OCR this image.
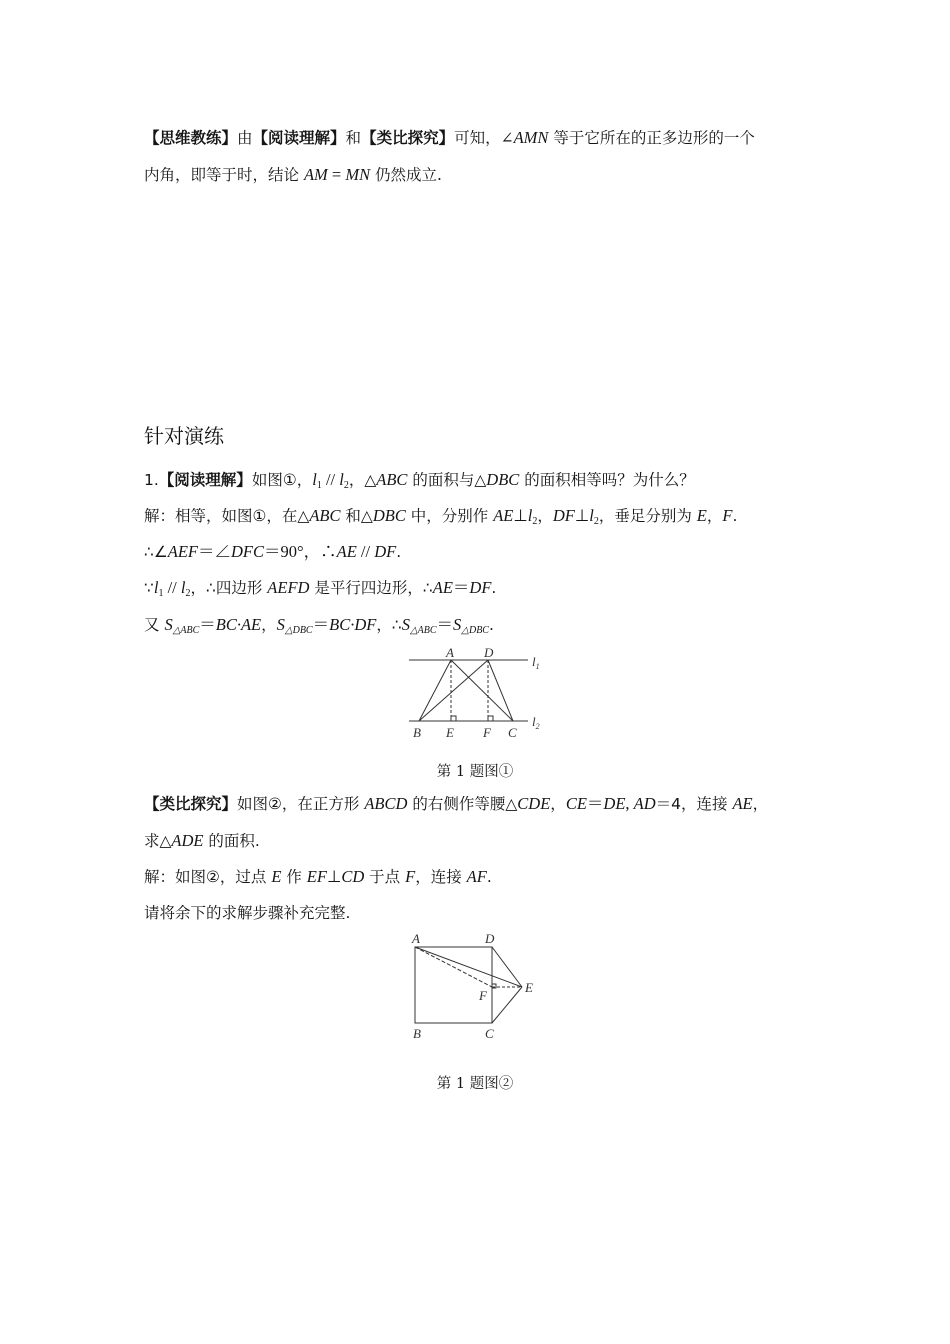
【思维教练】由【阅读理解】和【类比探究】可知，∠AMN 等于它所在的正多边形的一个
内角，即等于时，结论 AM = MN 仍然成立.
针对演练
1.【阅读理解】如图①，$l_1 // l_2$，△ABC 的面积与△DBC 的面积相等吗？为什么？
解：相等，如图①，在△ABC 和△DBC 中，分别作 $AE\perp l_2$，$DF\perp l_2$，垂足分别为 E，F.
∴∠AEF＝∠DFC＝90°，∴AE // DF.
$\because l_1 // l_2$，∴四边形 AEFD 是平行四边形，∴AE＝DF.
又 S△ABC＝BC·AE，S△DBC＝BC·DF，∴S△ABC＝S△DBC.
A D
B E F C
$l_1$
$l_2$
第 1 题图①
【类比探究】如图②，在正方形 ABCD 的右侧作等腰△CDE，CE＝DE, AD＝4，连接 AE，
求△ADE 的面积.
解：如图②，过点 E 作 EF⊥CD 于点 F，连接 AF.
请将余下的求解步骤补充完整.
A	D
B	C
E
F
第 1 题图②
